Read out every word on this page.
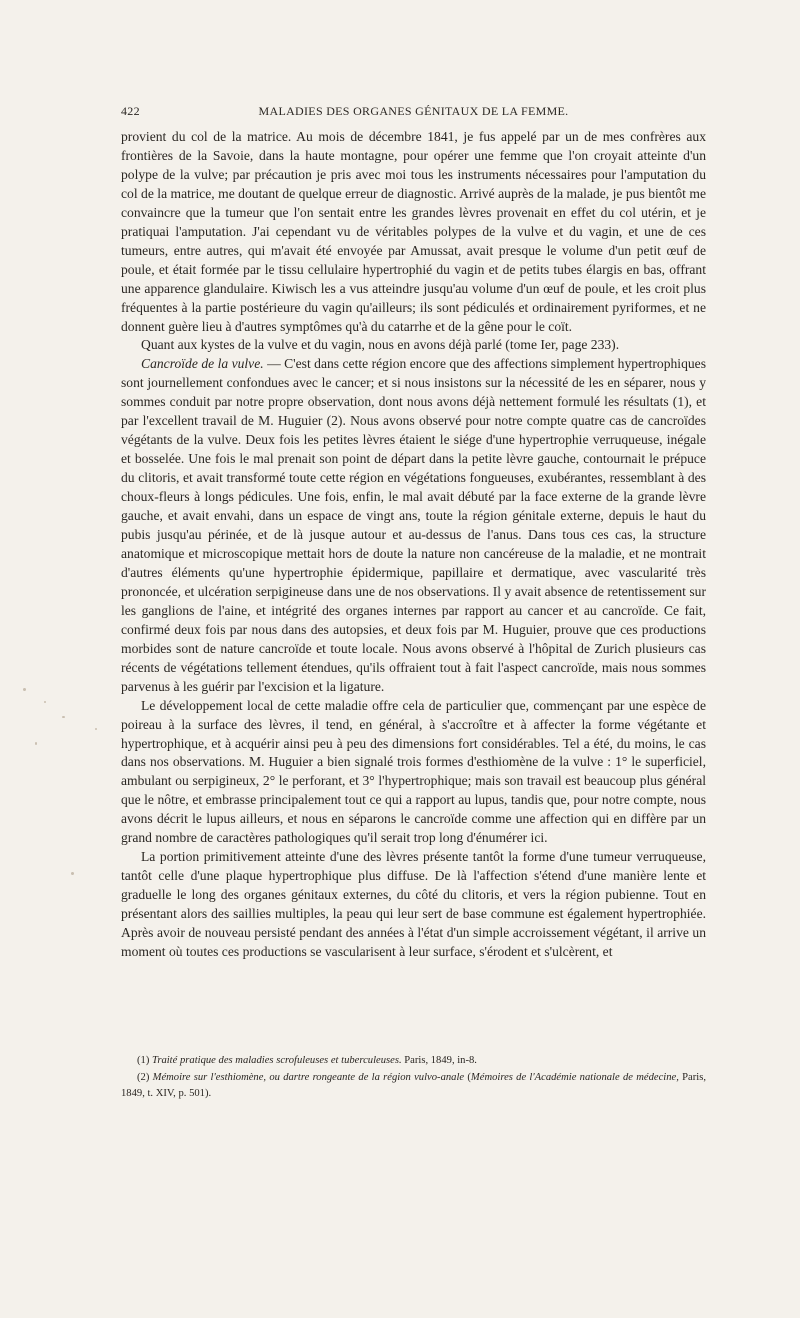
422	MALADIES DES ORGANES GÉNITAUX DE LA FEMME.

provient du col de la matrice. Au mois de décembre 1841, je fus appelé par un de mes confrères aux frontières de la Savoie, dans la haute montagne, pour opérer une femme que l'on croyait atteinte d'un polype de la vulve; par précaution je pris avec moi tous les instruments nécessaires pour l'amputation du col de la matrice, me doutant de quelque erreur de diagnostic. Arrivé auprès de la malade, je pus bientôt me convaincre que la tumeur que l'on sentait entre les grandes lèvres provenait en effet du col utérin, et je pratiquai l'amputation. J'ai cependant vu de véritables polypes de la vulve et du vagin, et une de ces tumeurs, entre autres, qui m'avait été envoyée par Amussat, avait presque le volume d'un petit œuf de poule, et était formée par le tissu cellulaire hypertrophié du vagin et de petits tubes élargis en bas, offrant une apparence glandulaire. Kiwisch les a vus atteindre jusqu'au volume d'un œuf de poule, et les croit plus fréquentes à la partie postérieure du vagin qu'ailleurs; ils sont pédiculés et ordinairement pyriformes, et ne donnent guère lieu à d'autres symptômes qu'à du catarrhe et de la gêne pour le coït.

Quant aux kystes de la vulve et du vagin, nous en avons déjà parlé (tome Ier, page 233).

Cancroïde de la vulve. — C'est dans cette région encore que des affections simplement hypertrophiques sont journellement confondues avec le cancer; et si nous insistons sur la nécessité de les en séparer, nous y sommes conduit par notre propre observation, dont nous avons déjà nettement formulé les résultats (1), et par l'excellent travail de M. Huguier (2). Nous avons observé pour notre compte quatre cas de cancroïdes végétants de la vulve. Deux fois les petites lèvres étaient le siége d'une hypertrophie verruqueuse, inégale et bosselée. Une fois le mal prenait son point de départ dans la petite lèvre gauche, contournait le prépuce du clitoris, et avait transformé toute cette région en végétations fongueuses, exubérantes, ressemblant à des choux-fleurs à longs pédicules. Une fois, enfin, le mal avait débuté par la face externe de la grande lèvre gauche, et avait envahi, dans un espace de vingt ans, toute la région génitale externe, depuis le haut du pubis jusqu'au périnée, et de là jusque autour et au-dessus de l'anus. Dans tous ces cas, la structure anatomique et microscopique mettait hors de doute la nature non cancéreuse de la maladie, et ne montrait d'autres éléments qu'une hypertrophie épidermique, papillaire et dermatique, avec vascularité très prononcée, et ulcération serpigineuse dans une de nos observations. Il y avait absence de retentissement sur les ganglions de l'aine, et intégrité des organes internes par rapport au cancer et au cancroïde. Ce fait, confirmé deux fois par nous dans des autopsies, et deux fois par M. Huguier, prouve que ces productions morbides sont de nature cancroïde et toute locale. Nous avons observé à l'hôpital de Zurich plusieurs cas récents de végétations tellement étendues, qu'ils offraient tout à fait l'aspect cancroïde, mais nous sommes parvenus à les guérir par l'excision et la ligature.

Le développement local de cette maladie offre cela de particulier que, commençant par une espèce de poireau à la surface des lèvres, il tend, en général, à s'accroître et à affecter la forme végétante et hypertrophique, et à acquérir ainsi peu à peu des dimensions fort considérables. Tel a été, du moins, le cas dans nos observations. M. Huguier a bien signalé trois formes d'esthiomène de la vulve : 1° le superficiel, ambulant ou serpigineux, 2° le perforant, et 3° l'hypertrophique; mais son travail est beaucoup plus général que le nôtre, et embrasse principalement tout ce qui a rapport au lupus, tandis que, pour notre compte, nous avons décrit le lupus ailleurs, et nous en séparons le cancroïde comme une affection qui en diffère par un grand nombre de caractères pathologiques qu'il serait trop long d'énumérer ici.

La portion primitivement atteinte d'une des lèvres présente tantôt la forme d'une tumeur verruqueuse, tantôt celle d'une plaque hypertrophique plus diffuse. De là l'affection s'étend d'une manière lente et graduelle le long des organes génitaux externes, du côté du clitoris, et vers la région pubienne. Tout en présentant alors des saillies multiples, la peau qui leur sert de base commune est également hypertrophiée. Après avoir de nouveau persisté pendant des années à l'état d'un simple accroissement végétant, il arrive un moment où toutes ces productions se vascularisent à leur surface, s'érodent et s'ulcèrent, et

(1) Traité pratique des maladies scrofuleuses et tuberculeuses. Paris, 1849, in-8.

(2) Mémoire sur l'esthiomène, ou dartre rongeante de la région vulvo-anale (Mémoires de l'Académie nationale de médecine, Paris, 1849, t. XIV, p. 501).
